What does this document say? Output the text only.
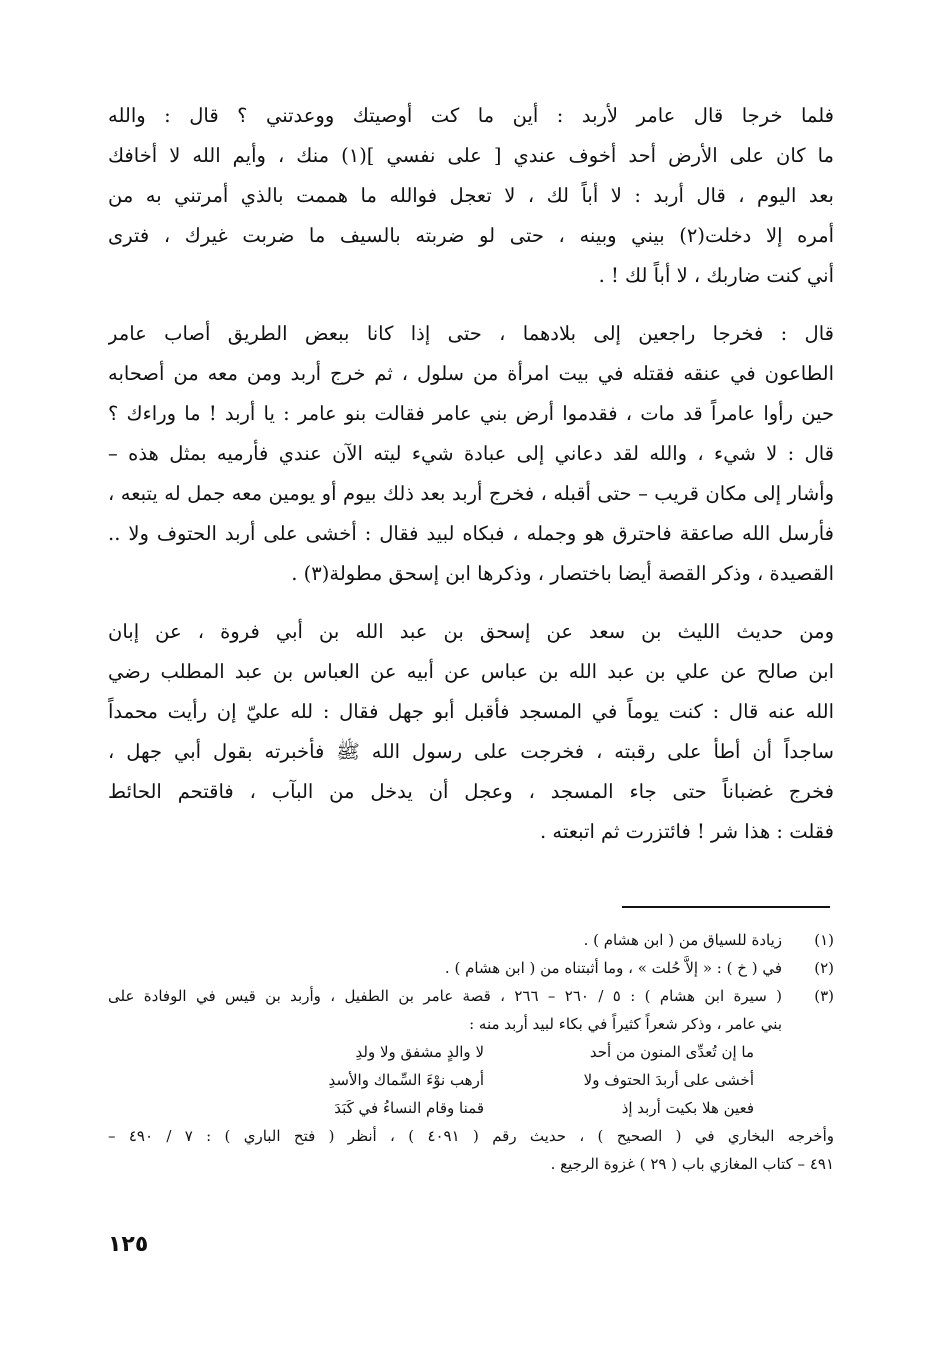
فلما خرجا قال عامر لأربد : أين ما كت أوصيتك ووعدتني ؟ قال : والله
ما كان على الأرض أحد أخوف عندي [ على نفسي ](١) منك ، وأيم الله لا أخافك
بعد اليوم ، قال أربد : لا أباً لك ، لا تعجل فوالله ما هممت بالذي أمرتني به من
أمره إلا دخلت(٢) بيني وبينه ، حتى لو ضربته بالسيف ما ضربت غيرك ، فترى
أني كنت ضاربك ، لا أباً لك ! .
قال : فخرجا راجعين إلى بلادهما ، حتى إذا كانا ببعض الطريق أصاب عامر
الطاعون في عنقه فقتله في بيت امرأة من سلول ، ثم خرج أربد ومن معه من أصحابه
حين رأوا عامراً قد مات ، فقدموا أرض بني عامر فقالت بنو عامر : يا أربد ! ما وراءك ؟
قال : لا شيء ، والله لقد دعاني إلى عبادة شيء ليته الآن عندي فأرميه بمثل هذه –
وأشار إلى مكان قريب – حتى أقبله ، فخرج أربد بعد ذلك بيوم أو يومين معه جمل له يتبعه ،
فأرسل الله صاعقة فاحترق هو وجمله ، فبكاه لبيد فقال : أخشى على أربد الحتوف ولا ..
القصيدة ، وذكر القصة أيضا باختصار ، وذكرها ابن إسحق مطولة(٣) .
ومن حديث الليث بن سعد عن إسحق بن عبد الله بن أبي فروة ، عن إبان
ابن صالح عن علي بن عبد الله بن عباس عن أبيه عن العباس بن عبد المطلب رضي
الله عنه قال : كنت يوماً في المسجد فأقبل أبو جهل فقال : لله عليّ إن رأيت محمداً
ساجداً أن أطأ على رقبته ، فخرجت على رسول الله ﷺ فأخبرته بقول أبي جهل ،
فخرج غضباناً حتى جاء المسجد ، وعجل أن يدخل من البآب ، فاقتحم الحائط
فقلت : هذا شر ! فائتزرت ثم اتبعته .
(١)
زيادة للسياق من ( ابن هشام ) .
(٢)
في ( خ ) : « إلاَّ حُلت » ، وما أثبتناه من ( ابن هشام ) .
(٣)
( سيرة ابن هشام ) : ٥ / ٢٦٠ – ٢٦٦ ، قصة عامر بن الطفيل ، وأربد بن قيس في الوفادة على
بني عامر ، وذكر شعراً كثيراً في بكاء لبيد أربد منه :
ما إن تُعدِّى المنون من أحد
لا والدٍ مشفق ولا ولدِ
أخشى على أربدَ الحتوف ولا
أرهب نوْءَ السِّماك والأسدِ
فعين هلا بكيت أربد إذ
قمنا وقام النساءُ في كَبَدَ
وأخرجه البخاري في ( الصحيح ) ، حديث رقم ( ٤٠٩١ ) ، أنظر ( فتح الباري ) : ٧ / ٤٩٠ –
٤٩١ – كتاب المغازي باب ( ٢٩ ) غزوة الرجيع .
١٢٥
